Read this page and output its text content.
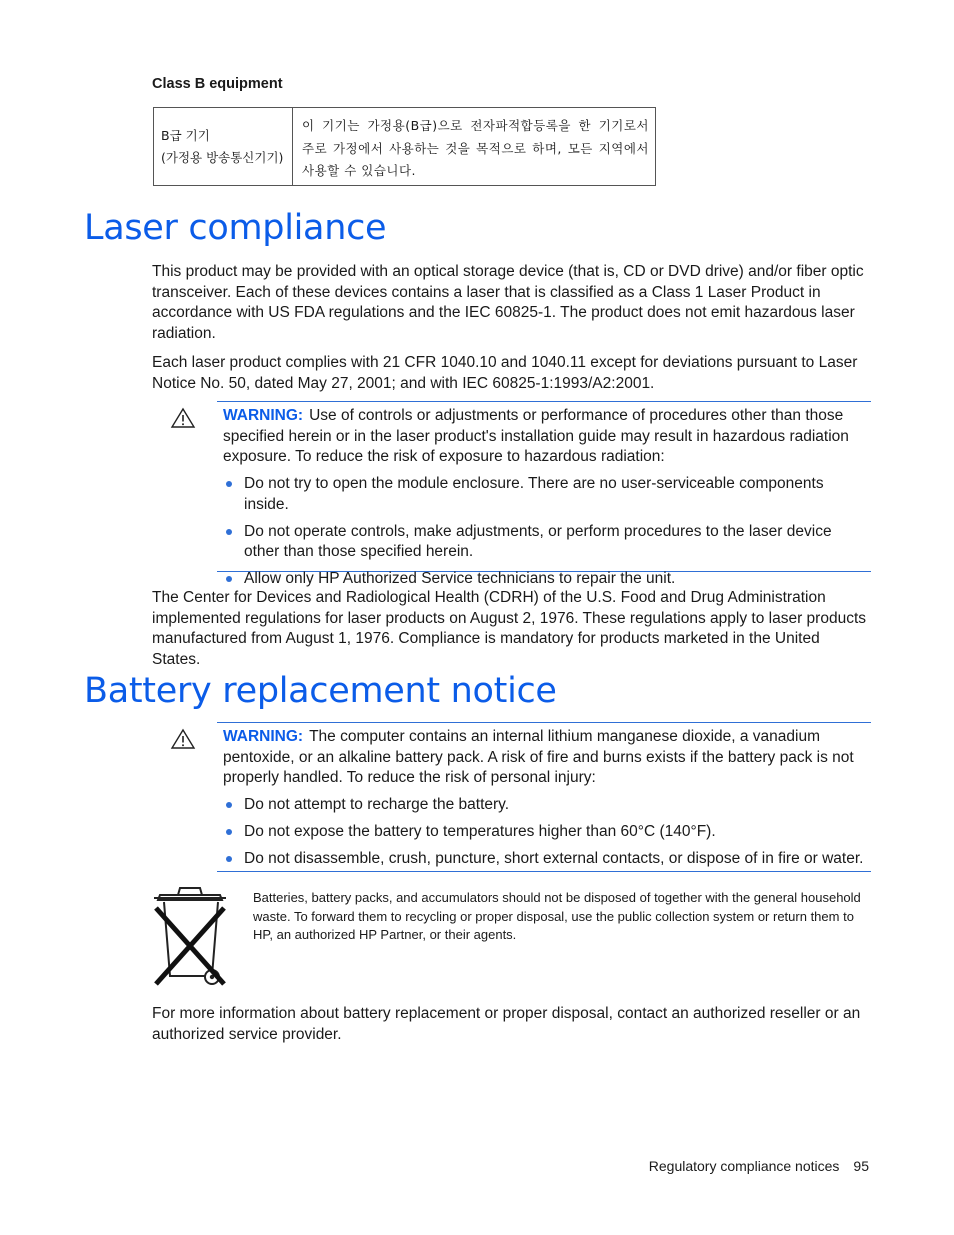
Class B equipment
B급 기기
(가정용 방송통신기기)
이 기기는 가정용(B급)으로 전자파적합등록을 한 기기로서 주로 가정에서 사용하는 것을 목적으로 하며, 모든 지역에서 사용할 수 있습니다.
Laser compliance
This product may be provided with an optical storage device (that is, CD or DVD drive) and/or fiber optic transceiver. Each of these devices contains a laser that is classified as a Class 1 Laser Product in accordance with US FDA regulations and the IEC 60825-1. The product does not emit hazardous laser radiation.
Each laser product complies with 21 CFR 1040.10 and 1040.11 except for deviations pursuant to Laser Notice No. 50, dated May 27, 2001; and with IEC 60825-1:1993/A2:2001.
WARNING: Use of controls or adjustments or performance of procedures other than those specified herein or in the laser product's installation guide may result in hazardous radiation exposure. To reduce the risk of exposure to hazardous radiation:
Do not try to open the module enclosure. There are no user-serviceable components inside.
Do not operate controls, make adjustments, or perform procedures to the laser device other than those specified herein.
Allow only HP Authorized Service technicians to repair the unit.
The Center for Devices and Radiological Health (CDRH) of the U.S. Food and Drug Administration implemented regulations for laser products on August 2, 1976. These regulations apply to laser products manufactured from August 1, 1976. Compliance is mandatory for products marketed in the United States.
Battery replacement notice
WARNING: The computer contains an internal lithium manganese dioxide, a vanadium pentoxide, or an alkaline battery pack. A risk of fire and burns exists if the battery pack is not properly handled. To reduce the risk of personal injury:
Do not attempt to recharge the battery.
Do not expose the battery to temperatures higher than 60°C (140°F).
Do not disassemble, crush, puncture, short external contacts, or dispose of in fire or water.
Batteries, battery packs, and accumulators should not be disposed of together with the general household waste. To forward them to recycling or proper disposal, use the public collection system or return them to HP, an authorized HP Partner, or their agents.
For more information about battery replacement or proper disposal, contact an authorized reseller or an authorized service provider.
Regulatory compliance notices 95
